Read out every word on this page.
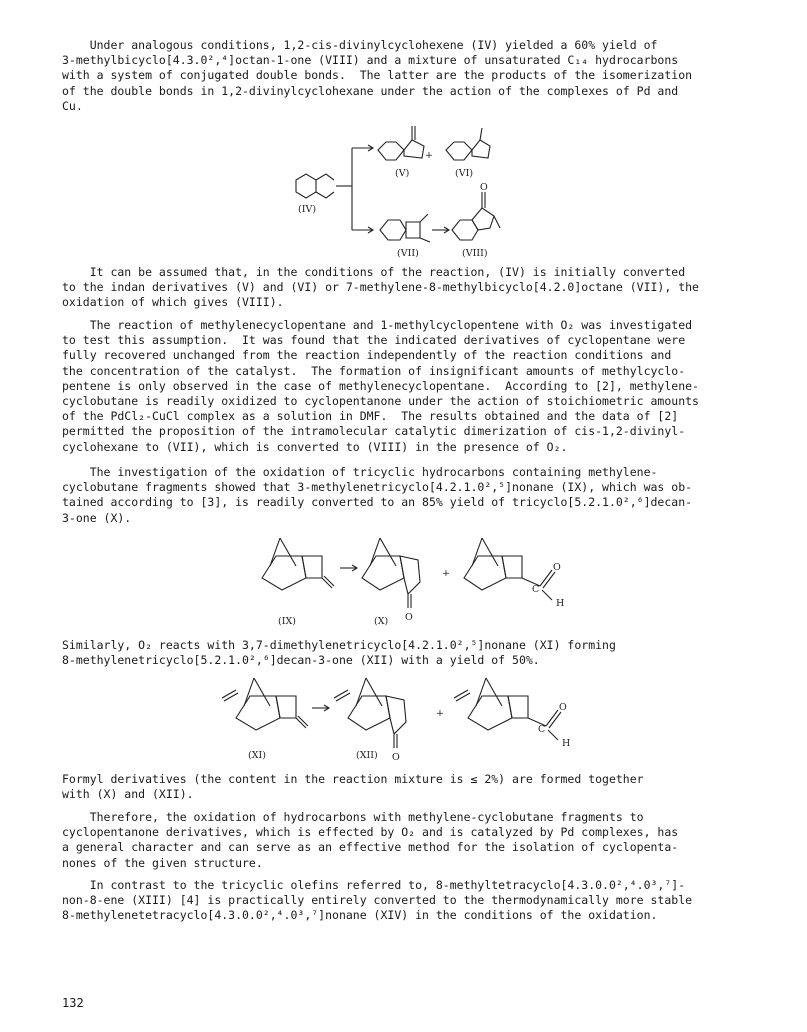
Under analogous conditions, 1,2-cis-divinylcyclohexene (IV) yielded a 60% yield of
3-methylbicyclo[4.3.0²,⁴]octan-1-one (VIII) and a mixture of unsaturated C₁₄ hydrocarbons
with a system of conjugated double bonds.  The latter are the products of the isomerization
of the double bonds in 1,2-divinylcyclohexane under the action of the complexes of Pd and
Cu.

+
(IV)
(V)	(VI)
(VII)	(VIII)
O

It can be assumed that, in the conditions of the reaction, (IV) is initially converted
to the indan derivatives (V) and (VI) or 7-methylene-8-methylbicyclo[4.2.0]octane (VII), the
oxidation of which gives (VIII).

The reaction of methylenecyclopentane and 1-methylcyclopentene with O₂ was investigated
to test this assumption.  It was found that the indicated derivatives of cyclopentane were
fully recovered unchanged from the reaction independently of the reaction conditions and
the concentration of the catalyst.  The formation of insignificant amounts of methylcyclo-
pentene is only observed in the case of methylenecyclopentane.  According to [2], methylene-
cyclobutane is readily oxidized to cyclopentanone under the action of stoichiometric amounts
of the PdCl₂-CuCl complex as a solution in DMF.  The results obtained and the data of [2]
permitted the proposition of the intramolecular catalytic dimerization of cis-1,2-divinyl-
cyclohexane to (VII), which is converted to (VIII) in the presence of O₂.

The investigation of the oxidation of tricyclic hydrocarbons containing methylene-
cyclobutane fragments showed that 3-methylenetricyclo[4.2.1.0²,⁵]nonane (IX), which was ob-
tained according to [3], is readily converted to an 85% yield of tricyclo[5.2.1.0²,⁶]decan-
3-one (X).

+
(IX)	(X) O
O
C
H

Similarly, O₂ reacts with 3,7-dimethylenetricyclo[4.2.1.0²,⁵]nonane (XI) forming
8-methylenetricyclo[5.2.1.0²,⁶]decan-3-one (XII) with a yield of 50%.

+
(XI)	(XII) O
O
C
H

Formyl derivatives (the content in the reaction mixture is ≤ 2%) are formed together
with (X) and (XII).

Therefore, the oxidation of hydrocarbons with methylene-cyclobutane fragments to
cyclopentanone derivatives, which is effected by O₂ and is catalyzed by Pd complexes, has
a general character and can serve as an effective method for the isolation of cyclopenta-
nones of the given structure.

In contrast to the tricyclic olefins referred to, 8-methyltetracyclo[4.3.0.0²,⁴.0³,⁷]-
non-8-ene (XIII) [4] is practically entirely converted to the thermodynamically more stable
8-methylenetetracyclo[4.3.0.0²,⁴.0³,⁷]nonane (XIV) in the conditions of the oxidation.

132
